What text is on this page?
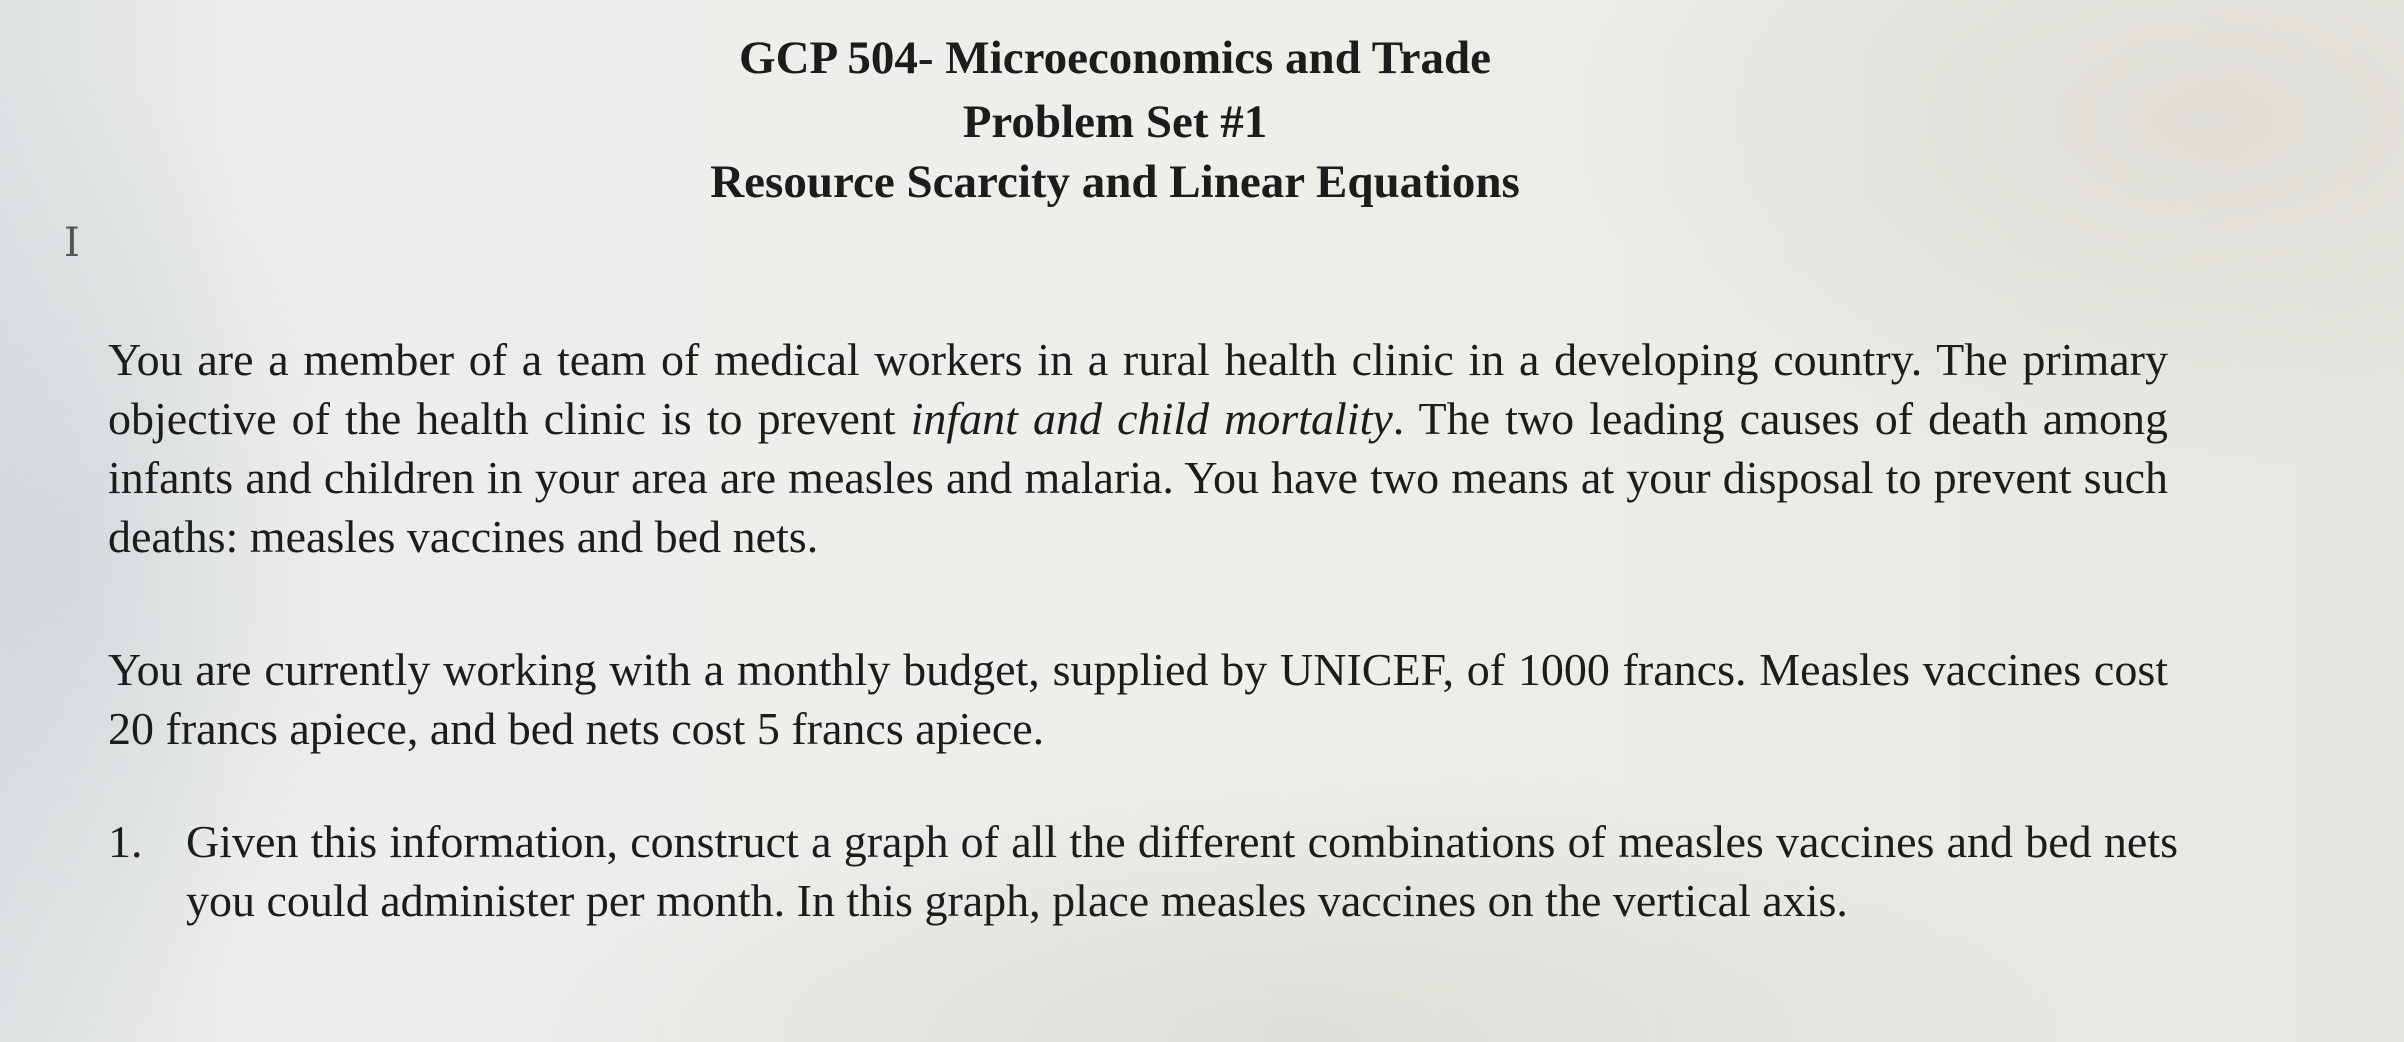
GCP 504- Microeconomics and Trade
Problem Set #1
Resource Scarcity and Linear Equations
I

You are a member of a team of medical workers in a rural health clinic in a developing country. The primary objective of the health clinic is to prevent infant and child mortality. The two leading causes of death among infants and children in your area are measles and malaria. You have two means at your disposal to prevent such deaths: measles vaccines and bed nets.

You are currently working with a monthly budget, supplied by UNICEF, of 1000 francs. Measles vaccines cost 20 francs apiece, and bed nets cost 5 francs apiece.

1. Given this information, construct a graph of all the different combinations of measles vaccines and bed nets you could administer per month. In this graph, place measles vaccines on the vertical axis.
